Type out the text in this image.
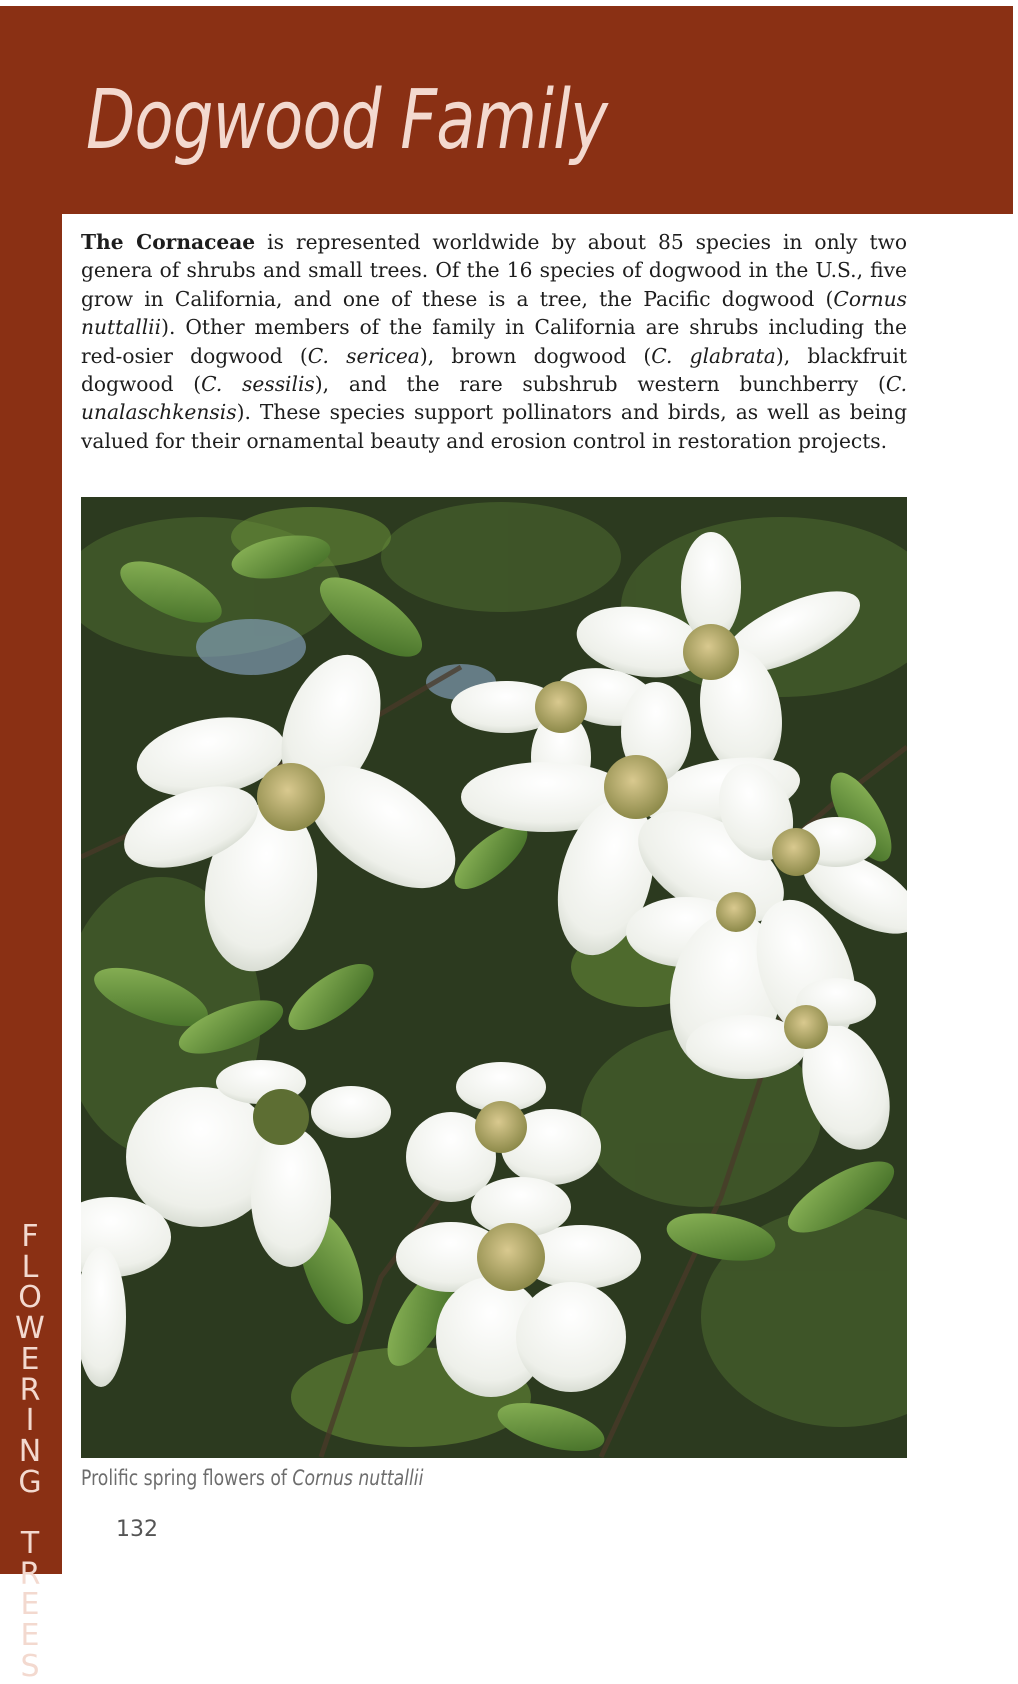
Dogwood Family
F
L
O
W
E
R
I
N
G

T
R
E
E
S

The Cornaceae is represented worldwide by about 85 species in only two genera of shrubs and small trees. Of the 16 species of dogwood in the U.S., five grow in California, and one of these is a tree, the Pacific dogwood (Cornus nuttallii). Other members of the family in California are shrubs including the red-osier dogwood (C. sericea), brown dogwood (C. glabrata), blackfruit dogwood (C. sessilis), and the rare subshrub western bunchberry (C. unalaschkensis). These species support pollinators and birds, as well as being valued for their ornamental beauty and erosion control in restoration projects.

Prolific spring flowers of Cornus nuttallii
132
